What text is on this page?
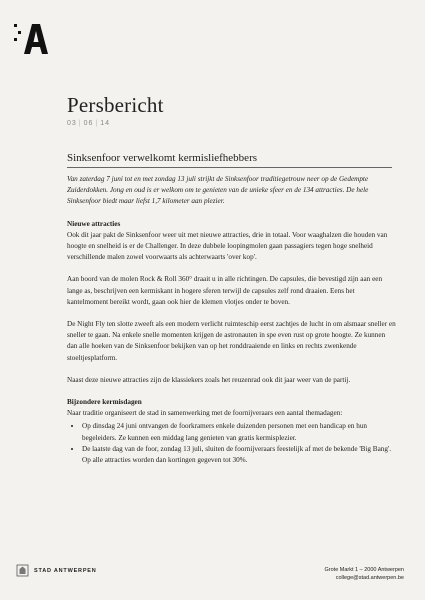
Persbericht
03 | 06 | 14
Sinksenfoor verwelkomt kermisliefhebbers

Van zaterdag 7 juni tot en met zondag 13 juli strijkt de Sinksenfoor traditiegetrouw neer op de Gedempte Zuiderdokken. Jong en oud is er welkom om te genieten van de unieke sfeer en de 134 attracties. De hele Sinksenfoor biedt maar liefst 1,7 kilometer aan plezier.

Nieuwe attracties

Ook dit jaar pakt de Sinksenfoor weer uit met nieuwe attracties, drie in totaal. Voor waaghalzen die houden van hoogte en snelheid is er de Challenger. In deze dubbele loopingmolen gaan passagiers tegen hoge snelheid verschillende malen zowel voorwaarts als achterwaarts 'over kop'.

Aan boord van de molen Rock & Roll 360° draait u in alle richtingen. De capsules, die bevestigd zijn aan een lange as, beschrijven een kermiskant in hogere sferen terwijl de capsules zelf rond draaien. Eens het kantelmoment bereikt wordt, gaan ook hier de klemen vlotjes onder te boven.

De Night Fly ten slotte zweeft als een modern verlicht ruimteschip eerst zachtjes de lucht in om alsmaar sneller en sneller te gaan. Na enkele snelle momenten krijgen de astronauten in spe even rust op grote hoogte. Ze kunnen dan alle hoeken van de Sinksenfoor bekijken van op het ronddraaiende en links en rechts zwenkende stoeltjesplatform.

Naast deze nieuwe attracties zijn de klassiekers zoals het reuzenrad ook dit jaar weer van de partij.

Bijzondere kermisdagen

Naar traditie organiseert de stad in samenwerking met de foornijveraars een aantal themadagen:

• Op dinsdag 24 juni ontvangen de foorkramers enkele duizenden personen met een handicap en hun begeleiders. Ze kunnen een middag lang genieten van gratis kermisplezier.
• De laatste dag van de foor, zondag 13 juli, sluiten de foornijveraars feestelijk af met de bekende 'Big Bang'. Op alle attracties worden dan kortingen gegeven tot 30%.
STAD ANTWERPEN	Grote Markt 1 – 2000 Antwerpen
college@stad.antwerpen.be
